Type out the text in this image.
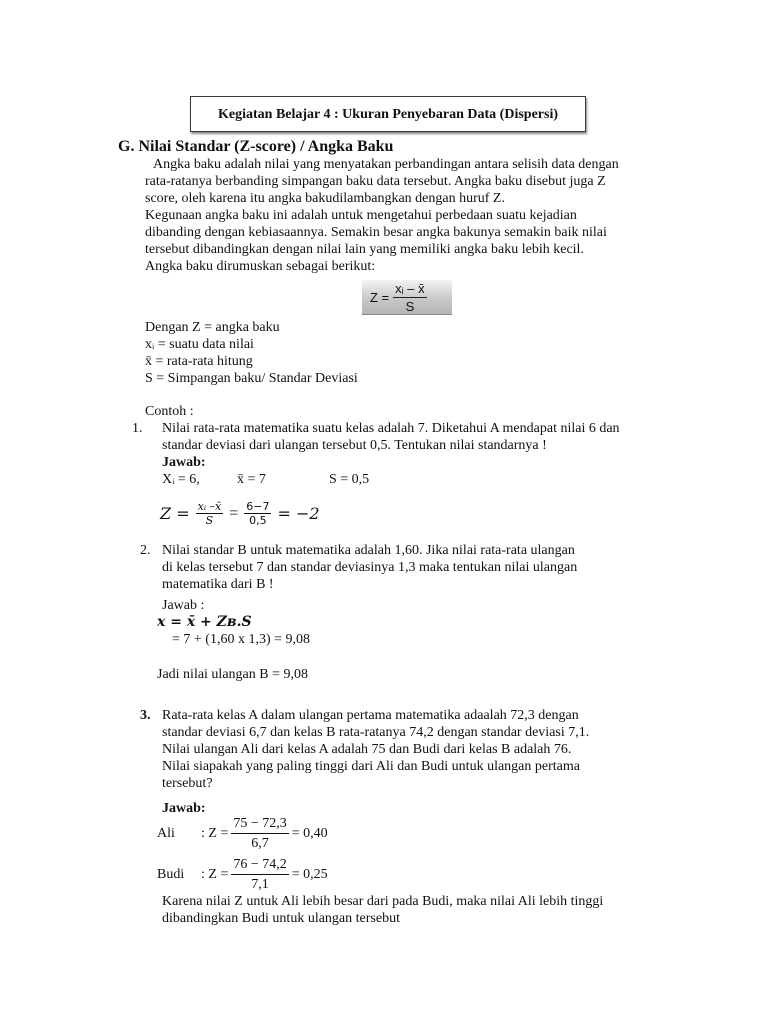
Kegiatan Belajar 4 : Ukuran Penyebaran Data (Dispersi)
G. Nilai Standar (Z-score) / Angka Baku
Angka baku adalah nilai yang menyatakan perbandingan antara selisih data dengan
rata-ratanya berbanding simpangan baku data tersebut. Angka baku disebut juga Z
score, oleh karena itu angka bakudilambangkan dengan huruf Z.
Kegunaan angka baku ini adalah untuk mengetahui perbedaan suatu kejadian
dibanding dengan kebiasaannya. Semakin besar angka bakunya semakin baik nilai
tersebut dibandingkan dengan nilai lain yang memiliki angka baku lebih kecil.
Angka baku dirumuskan sebagai berikut:
$Z = \frac{\text{xᵢ – x̄}}{S}$
Dengan Z = angka baku
xᵢ = suatu data nilai
x̄ = rata-rata hitung
S = Simpangan baku/ Standar Deviasi
Contoh :
1. Nilai rata-rata matematika suatu kelas adalah 7. Diketahui A mendapat nilai 6 dan
standar deviasi dari ulangan tersebut 0,5. Tentukan nilai standarnya !
Jawab:
Xᵢ = 6,	x̄ = 7	S = 0,5
$Z = \frac{\text{xᵢ –x̄}}{S} = \frac{6-7}{0,5} = -2$
2. Nilai standar B untuk matematika adalah 1,60. Jika nilai rata-rata ulangan
di kelas tersebut 7 dan standar deviasinya 1,3 maka tentukan nilai ulangan
matematika dari B !
Jawab :
x = x̄ + Zʙ.S
= 7 + (1,60 x 1,3) = 9,08
Jadi nilai ulangan B = 9,08
3. Rata-rata kelas A dalam ulangan pertama matematika adaalah 72,3 dengan
standar deviasi 6,7 dan kelas B rata-ratanya 74,2 dengan standar deviasi 7,1.
Nilai ulangan Ali dari kelas A adalah 75 dan Budi dari kelas B adalah 76.
Nilai siapakah yang paling tinggi dari Ali dan Budi untuk ulangan pertama
tersebut?
Jawab:
Ali : $Z = \frac{75 - 72,3}{6,7} = 0,40$
Budi : $Z = \frac{76 - 74,2}{7,1} = 0,25$
Karena nilai Z untuk Ali lebih besar dari pada Budi, maka nilai Ali lebih tinggi
dibandingkan Budi untuk ulangan tersebut
